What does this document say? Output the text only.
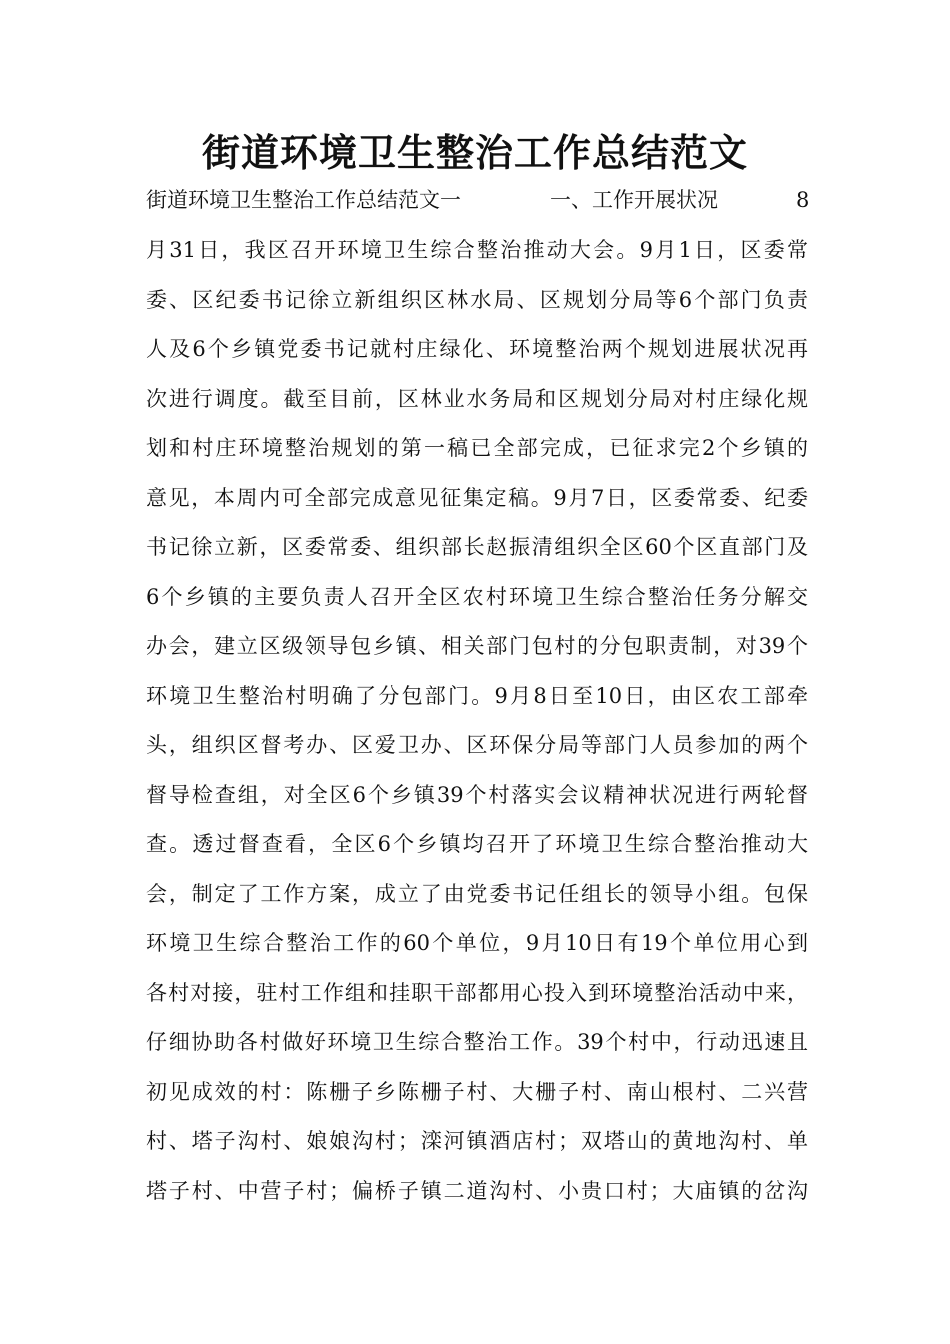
街道环境卫生整治工作总结范文
街道环境卫生整治工作总结范文一	一、工作开展状况	8
月31日，我区召开环境卫生综合整治推动大会。9月1日，区委常
委、区纪委书记徐立新组织区林水局、区规划分局等6个部门负责
人及6个乡镇党委书记就村庄绿化、环境整治两个规划进展状况再
次进行调度。截至目前，区林业水务局和区规划分局对村庄绿化规
划和村庄环境整治规划的第一稿已全部完成，已征求完2个乡镇的
意见，本周内可全部完成意见征集定稿。9月7日，区委常委、纪委
书记徐立新，区委常委、组织部长赵振清组织全区60个区直部门及
6个乡镇的主要负责人召开全区农村环境卫生综合整治任务分解交
办会，建立区级领导包乡镇、相关部门包村的分包职责制，对39个
环境卫生整治村明确了分包部门。9月8日至10日，由区农工部牵
头，组织区督考办、区爱卫办、区环保分局等部门人员参加的两个
督导检查组，对全区6个乡镇39个村落实会议精神状况进行两轮督
查。透过督查看，全区6个乡镇均召开了环境卫生综合整治推动大
会，制定了工作方案，成立了由党委书记任组长的领导小组。包保
环境卫生综合整治工作的60个单位，9月10日有19个单位用心到
各村对接，驻村工作组和挂职干部都用心投入到环境整治活动中来，
仔细协助各村做好环境卫生综合整治工作。39个村中，行动迅速且
初见成效的村：陈栅子乡陈栅子村、大栅子村、南山根村、二兴营
村、塔子沟村、娘娘沟村；滦河镇酒店村；双塔山的黄地沟村、单
塔子村、中营子村；偏桥子镇二道沟村、小贵口村；大庙镇的岔沟
